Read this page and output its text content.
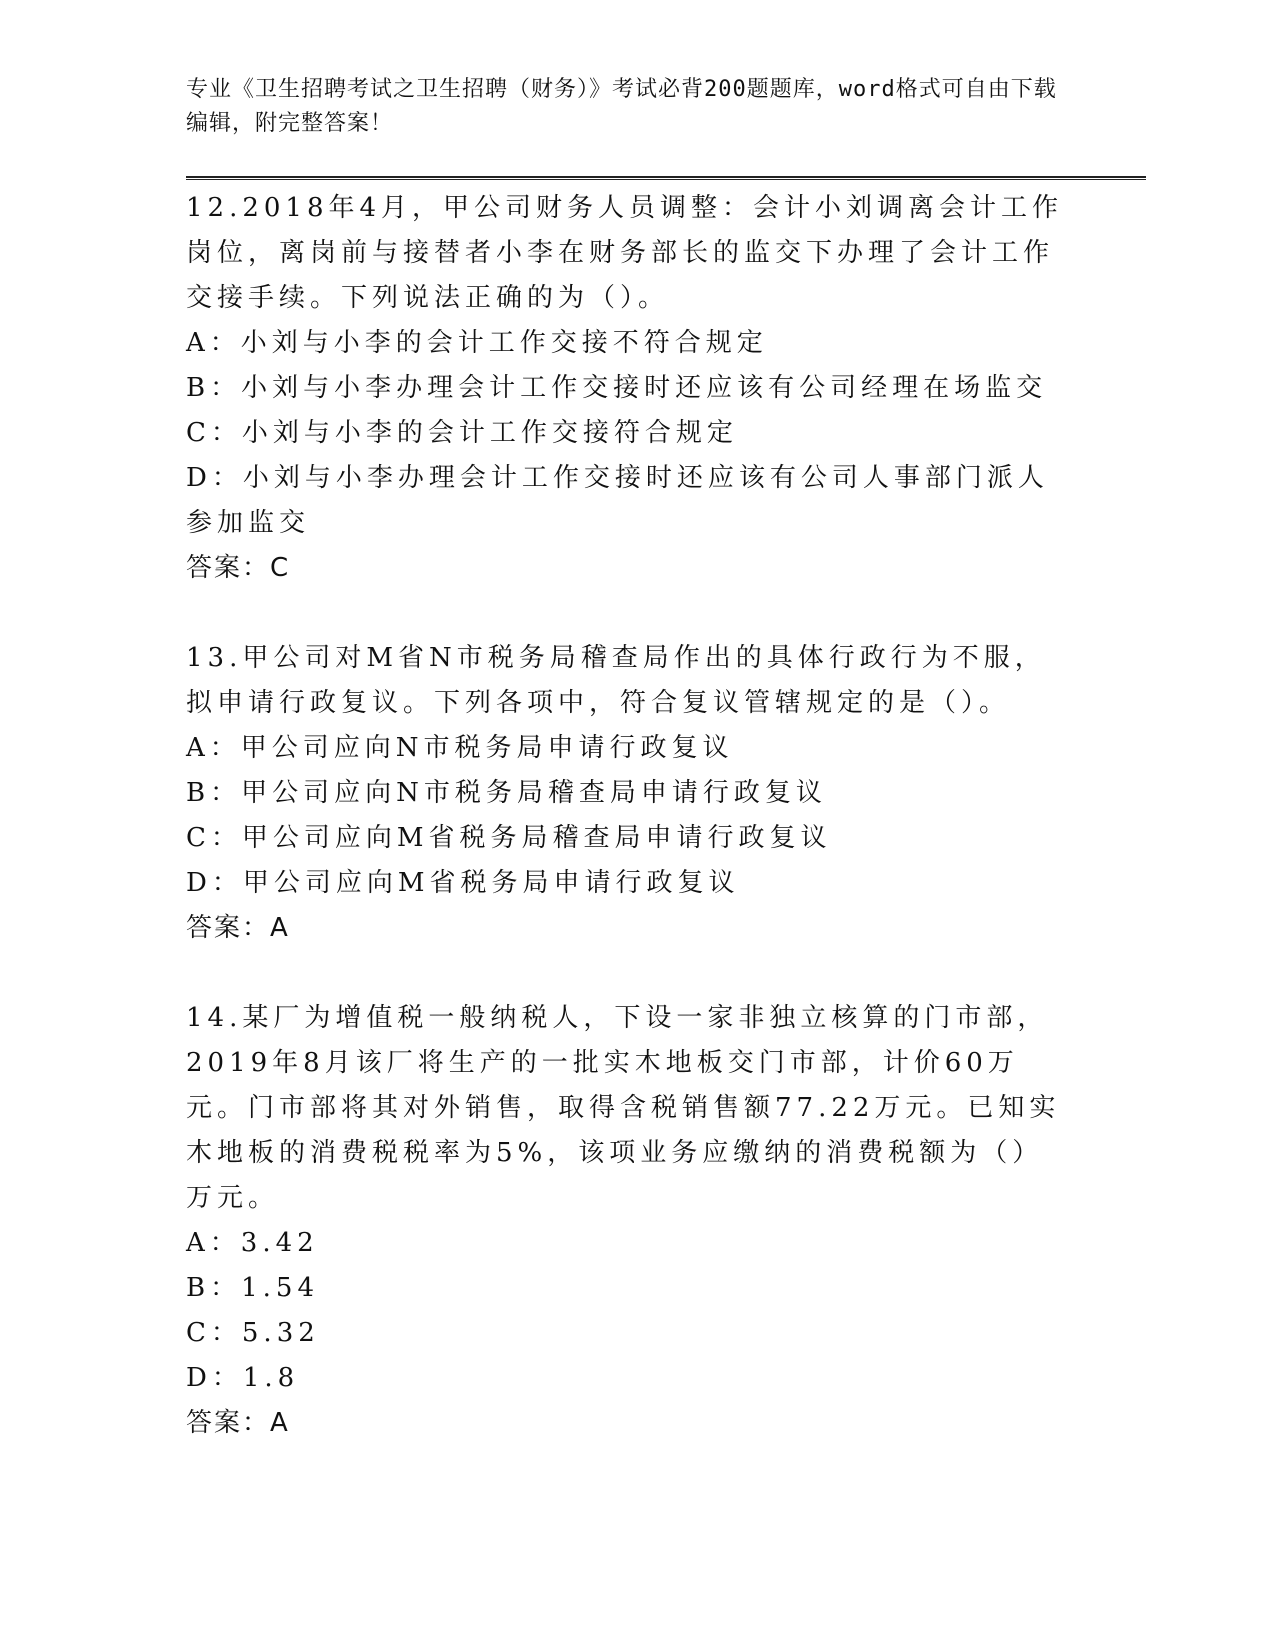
专业《卫生招聘考试之卫生招聘（财务）》考试必背200题题库，word格式可自由下载编辑，附完整答案！
12.2018年4月，甲公司财务人员调整：会计小刘调离会计工作岗位，离岗前与接替者小李在财务部长的监交下办理了会计工作交接手续。下列说法正确的为（）。
A：小刘与小李的会计工作交接不符合规定
B：小刘与小李办理会计工作交接时还应该有公司经理在场监交
C：小刘与小李的会计工作交接符合规定
D：小刘与小李办理会计工作交接时还应该有公司人事部门派人参加监交
答案：C
13.甲公司对M省N市税务局稽查局作出的具体行政行为不服，拟申请行政复议。下列各项中，符合复议管辖规定的是（）。
A：甲公司应向N市税务局申请行政复议
B：甲公司应向N市税务局稽查局申请行政复议
C：甲公司应向M省税务局稽查局申请行政复议
D：甲公司应向M省税务局申请行政复议
答案：A
14.某厂为增值税一般纳税人，下设一家非独立核算的门市部，2019年8月该厂将生产的一批实木地板交门市部，计价60万元。门市部将其对外销售，取得含税销售额77.22万元。已知实木地板的消费税税率为5%，该项业务应缴纳的消费税额为（）万元。
A：3.42
B：1.54
C：5.32
D：1.8
答案：A
